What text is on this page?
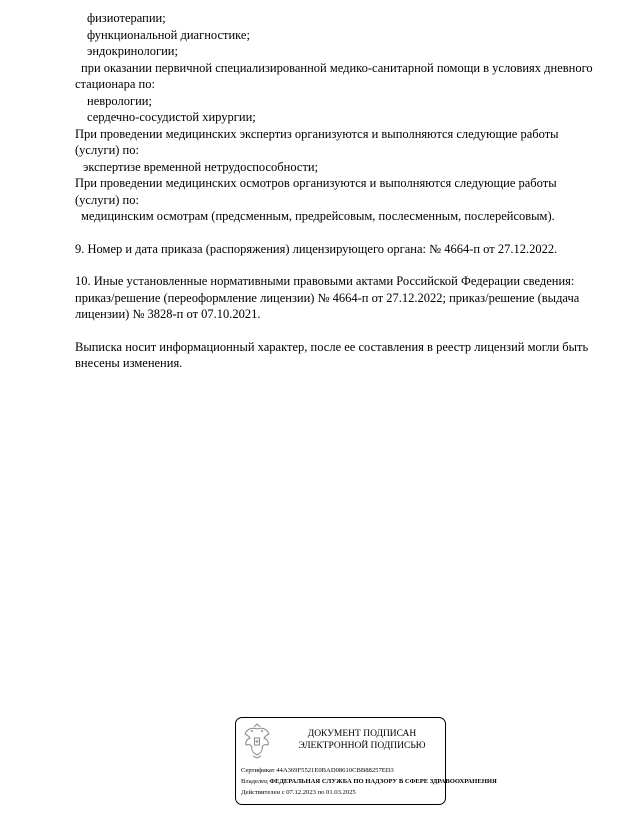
физиотерапии;
функциональной диагностике;
эндокринологии;
при оказании первичной специализированной медико-санитарной помощи в условиях дневного
стационара по:
неврологии;
сердечно-сосудистой хирургии;
При проведении медицинских экспертиз организуются и выполняются следующие работы
(услуги) по:
экспертизе временной нетрудоспособности;
При проведении медицинских осмотров организуются и выполняются следующие работы
(услуги) по:
медицинским осмотрам (предсменным, предрейсовым, послесменным, послерейсовым).
9. Номер и дата приказа (распоряжения) лицензирующего органа: № 4664-п от 27.12.2022.
10. Иные установленные нормативными правовыми актами Российской Федерации сведения:
приказ/решение (переоформление лицензии) № 4664-п от 27.12.2022; приказ/решение (выдача
лицензии) № 3828-п от 07.10.2021.
Выписка носит информационный характер, после ее составления в реестр лицензий могли быть
внесены изменения.
ДОКУМЕНТ ПОДПИСАН
ЭЛЕКТРОННОЙ ПОДПИСЬЮ
Сертификат 44A369F5521E0BAD08610CBB88257ED3
Владелец ФЕДЕРАЛЬНАЯ СЛУЖБА ПО НАДЗОРУ В СФЕРЕ ЗДРАВООХРАНЕНИЯ
Действителен с 07.12.2023 по 01.03.2025
